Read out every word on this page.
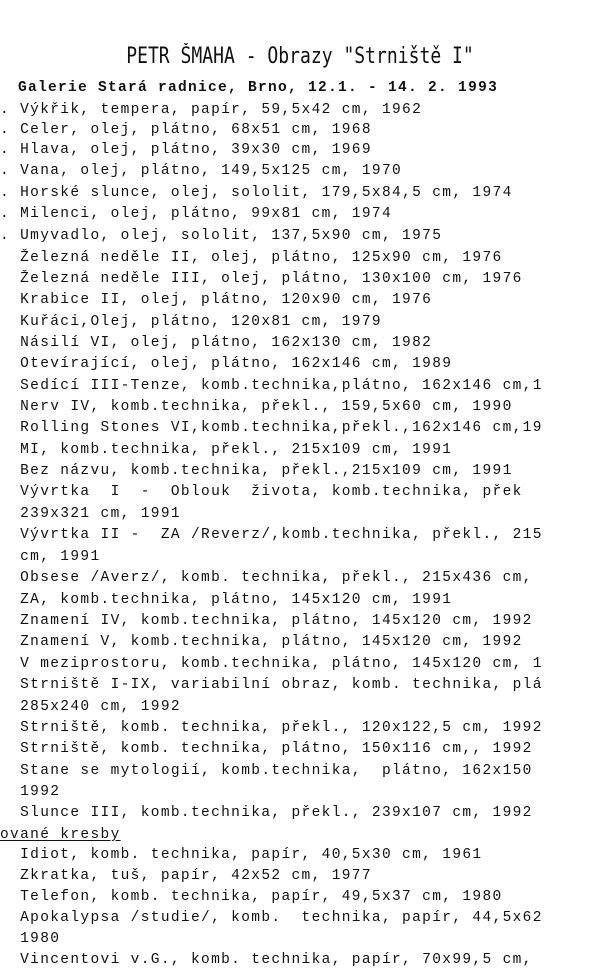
PETR ŠMAHA - Obrazy "Strniště I"
Galerie Stará radnice, Brno, 12.1. - 14. 2. 1993
. Výkřik, tempera, papír, 59,5x42 cm, 1962
. Celer, olej, plátno, 68x51 cm, 1968
. Hlava, olej, plátno, 39x30 cm, 1969
. Vana, olej, plátno, 149,5x125 cm, 1970
. Horské slunce, olej, sololit, 179,5x84,5 cm, 1974
. Milenci, olej, plátno, 99x81 cm, 1974
. Umyvadlo, olej, sololit, 137,5x90 cm, 1975
Železná neděle II, olej, plátno, 125x90 cm, 1976
Železná neděle III, olej, plátno, 130x100 cm, 1976
Krabice II, olej, plátno, 120x90 cm, 1976
Kuřáci,Olej, plátno, 120x81 cm, 1979
Násilí VI, olej, plátno, 162x130 cm, 1982
Otevírající, olej, plátno, 162x146 cm, 1989
Sedící III-Tenze, komb.technika,plátno, 162x146 cm,1
Nerv IV, komb.technika, překl., 159,5x60 cm, 1990
Rolling Stones VI,komb.technika,překl.,162x146 cm,19
MI, komb.technika, překl., 215x109 cm, 1991
Bez názvu, komb.technika, překl.,215x109 cm, 1991
Vývrtka  I  -  Oblouk  života, komb.technika, přek
239x321 cm, 1991
Vývrtka II -  ZA /Reverz/,komb.technika, překl., 215
cm, 1991
Obsese /Averz/, komb. technika, překl., 215x436 cm,
ZA, komb.technika, plátno, 145x120 cm, 1991
Znamení IV, komb.technika, plátno, 145x120 cm, 1992
Znamení V, komb.technika, plátno, 145x120 cm, 1992
V meziprostoru, komb.technika, plátno, 145x120 cm, 1
Strniště I-IX, variabilní obraz, komb. technika, plá
285x240 cm, 1992
Strniště, komb. technika, překl., 120x122,5 cm, 1992
Strniště, komb. technika, plátno, 150x116 cm,, 1992
Stane se mytologií, komb.technika,  plátno, 162x150
1992
Slunce III, komb.technika, překl., 239x107 cm, 1992
ované kresby
Idiot, komb. technika, papír, 40,5x30 cm, 1961
Zkratka, tuš, papír, 42x52 cm, 1977
Telefon, komb. technika, papír, 49,5x37 cm, 1980
Apokalypsa /studie/, komb.  technika, papír, 44,5x62
1980
Vincentovi v.G., komb. technika, papír, 70x99,5 cm,
